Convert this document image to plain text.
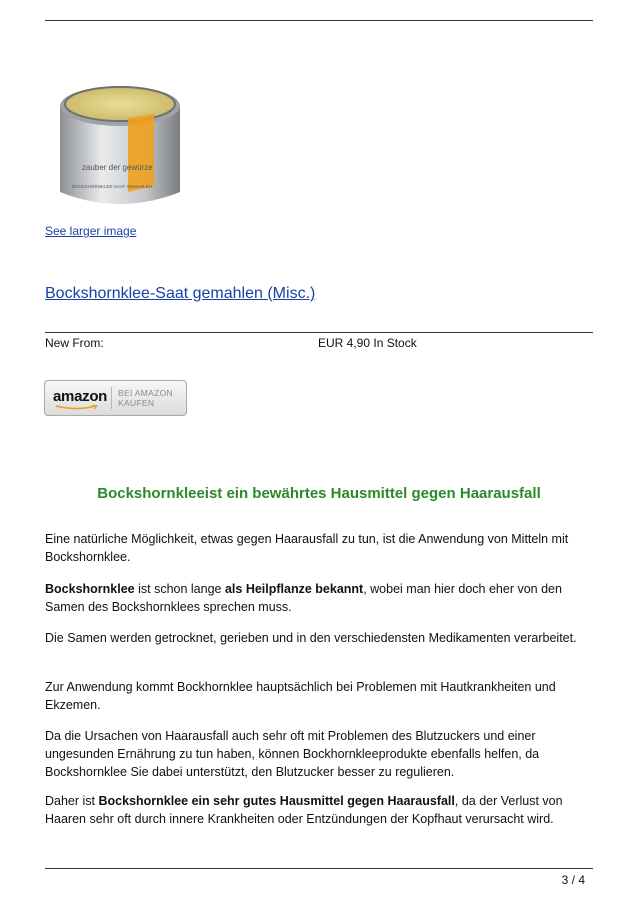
zauber der gewürze
BOCKSHORNKLEE-SAAT GEMAHLEN
See larger image
Bockshornklee-Saat gemahlen (Misc.)
New From:	EUR 4,90 In Stock
amazon BEI AMAZON
KAUFEN
Bockshornkleeist ein bewährtes Hausmittel gegen Haarausfall

Eine natürliche Möglichkeit, etwas gegen Haarausfall zu tun, ist die Anwendung von Mitteln mit Bockshornklee.

Bockshornklee ist schon lange als Heilpflanze bekannt, wobei man hier doch eher von den Samen des Bockshornklees sprechen muss.

Die Samen werden getrocknet, gerieben und in den verschiedensten Medikamenten verarbeitet.

Zur Anwendung kommt Bockhornklee hauptsächlich bei Problemen mit Hautkrankheiten und Ekzemen.

Da die Ursachen von Haarausfall auch sehr oft mit Problemen des Blutzuckers und einer ungesunden Ernährung zu tun haben, können Bockhornkleeprodukte ebenfalls helfen, da Bockshornklee Sie dabei unterstützt, den Blutzucker besser zu regulieren.

Daher ist Bockshornklee ein sehr gutes Hausmittel gegen Haarausfall, da der Verlust von Haaren sehr oft durch innere Krankheiten oder Entzündungen der Kopfhaut verursacht wird.

3 / 4
